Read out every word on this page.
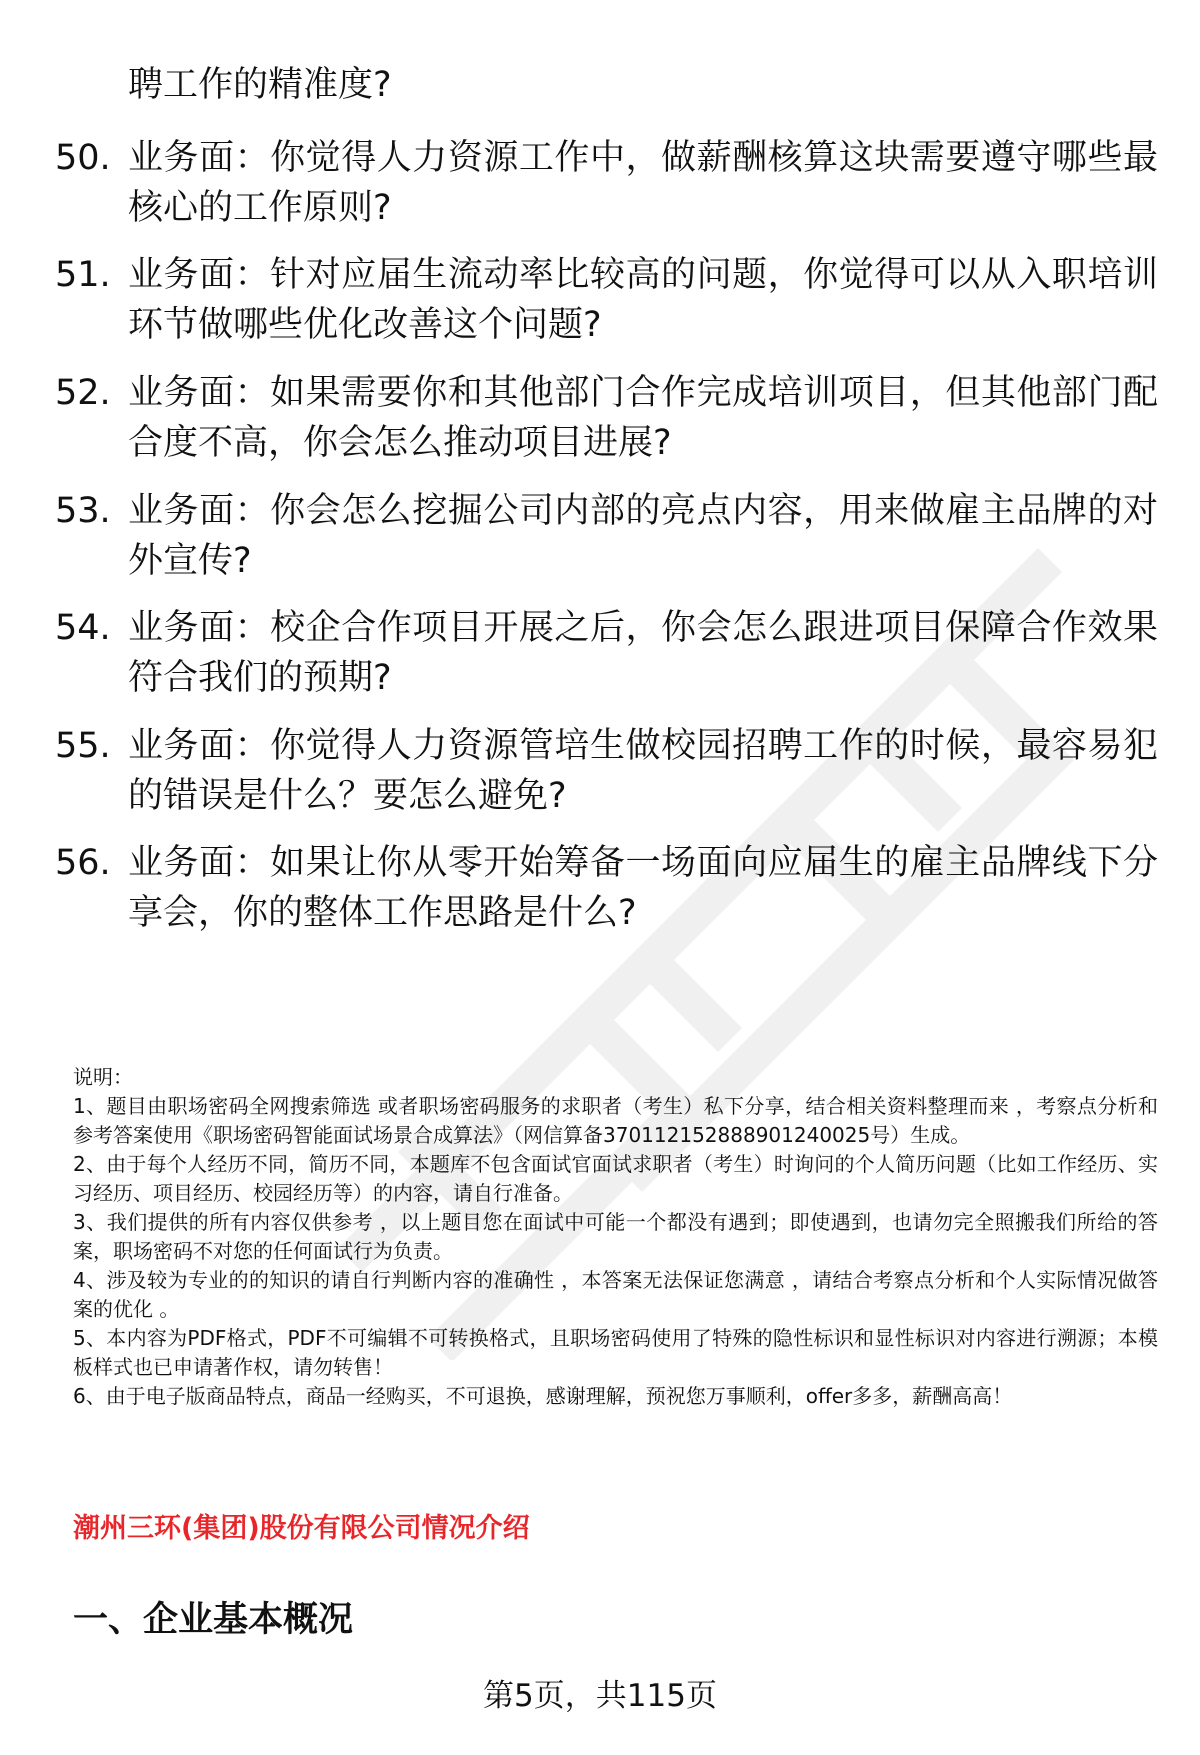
聘工作的精准度?
50. 业务面：你觉得人力资源工作中，做薪酬核算这块需要遵守哪些最核心的工作原则?
51. 业务面：针对应届生流动率比较高的问题，你觉得可以从入职培训环节做哪些优化改善这个问题?
52. 业务面：如果需要你和其他部门合作完成培训项目，但其他部门配合度不高，你会怎么推动项目进展?
53. 业务面：你会怎么挖掘公司内部的亮点内容，用来做雇主品牌的对外宣传?
54. 业务面：校企合作项目开展之后，你会怎么跟进项目保障合作效果符合我们的预期?
55. 业务面：你觉得人力资源管培生做校园招聘工作的时候，最容易犯的错误是什么？要怎么避免?
56. 业务面：如果让你从零开始筹备一场面向应届生的雇主品牌线下分享会，你的整体工作思路是什么?

说明：

1、题目由职场密码全网搜索筛选 或者职场密码服务的求职者（考生）私下分享，结合相关资料整理而来 ，考察点分析和参考答案使用《职场密码智能面试场景合成算法》（网信算备370112152888901240025号）生成。

2、由于每个人经历不同，简历不同，本题库不包含面试官面试求职者（考生）时询问的个人简历问题（比如工作经历、实习经历、项目经历、校园经历等）的内容，请自行准备。

3、我们提供的所有内容仅供参考 ，以上题目您在面试中可能一个都没有遇到；即使遇到，也请勿完全照搬我们所给的答案，职场密码不对您的任何面试行为负责。

4、涉及较为专业的的知识的请自行判断内容的准确性 ，本答案无法保证您满意 ，请结合考察点分析和个人实际情况做答案的优化 。

5、本内容为PDF格式，PDF不可编辑不可转换格式，且职场密码使用了特殊的隐性标识和显性标识对内容进行溯源；本模板样式也已申请著作权，请勿转售！

6、由于电子版商品特点，商品一经购买，不可退换，感谢理解，预祝您万事顺利，offer多多，薪酬高高！

潮州三环(集团)股份有限公司情况介绍
一、企业基本概况
第5页，共115页
